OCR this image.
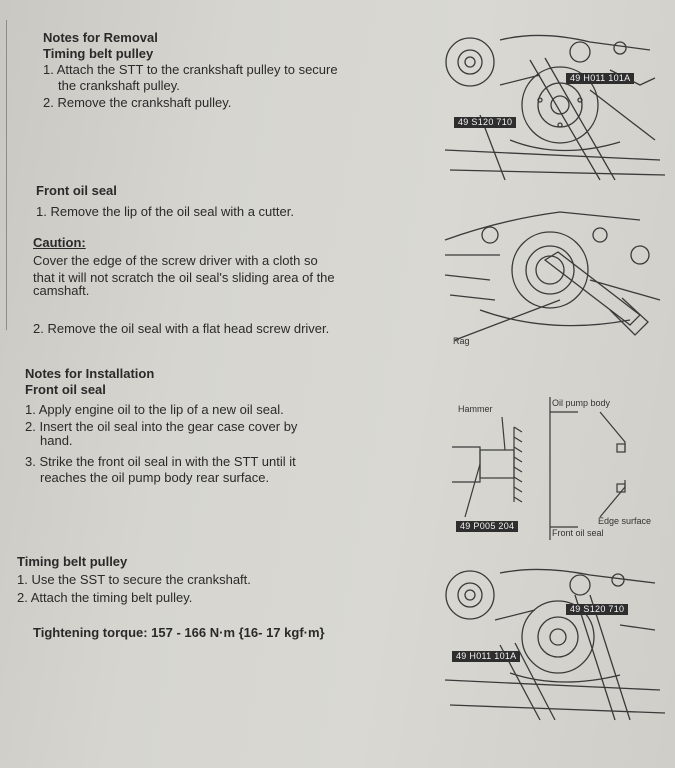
Notes for Removal
Timing belt pulley
1. Attach the STT to the crankshaft pulley to secure
the crankshaft pulley.
2. Remove the crankshaft pulley.
Front oil seal
1. Remove the lip of the oil seal with a cutter.
Caution:
Cover the edge of the screw driver with a cloth so
that it will not scratch the oil seal's sliding area of the
camshaft.
2. Remove the oil seal with a flat head screw driver.
Notes for Installation
Front oil seal
1. Apply engine oil to the lip of a new oil seal.
2. Insert the oil seal into the gear case cover by
hand.
3. Strike the front oil seal in with the STT until it
reaches the oil pump body rear surface.
Timing belt pulley
1. Use the SST to secure the crankshaft.
2. Attach the timing belt pulley.
Tightening torque: 157 - 166 N·m {16- 17 kgf·m}
49 H011 101A
49 S120 710
Rag
Hammer
Oil pump body
Edge surface
49 P005 204
Front oil seal
49 S120 710
49 H011 101A
